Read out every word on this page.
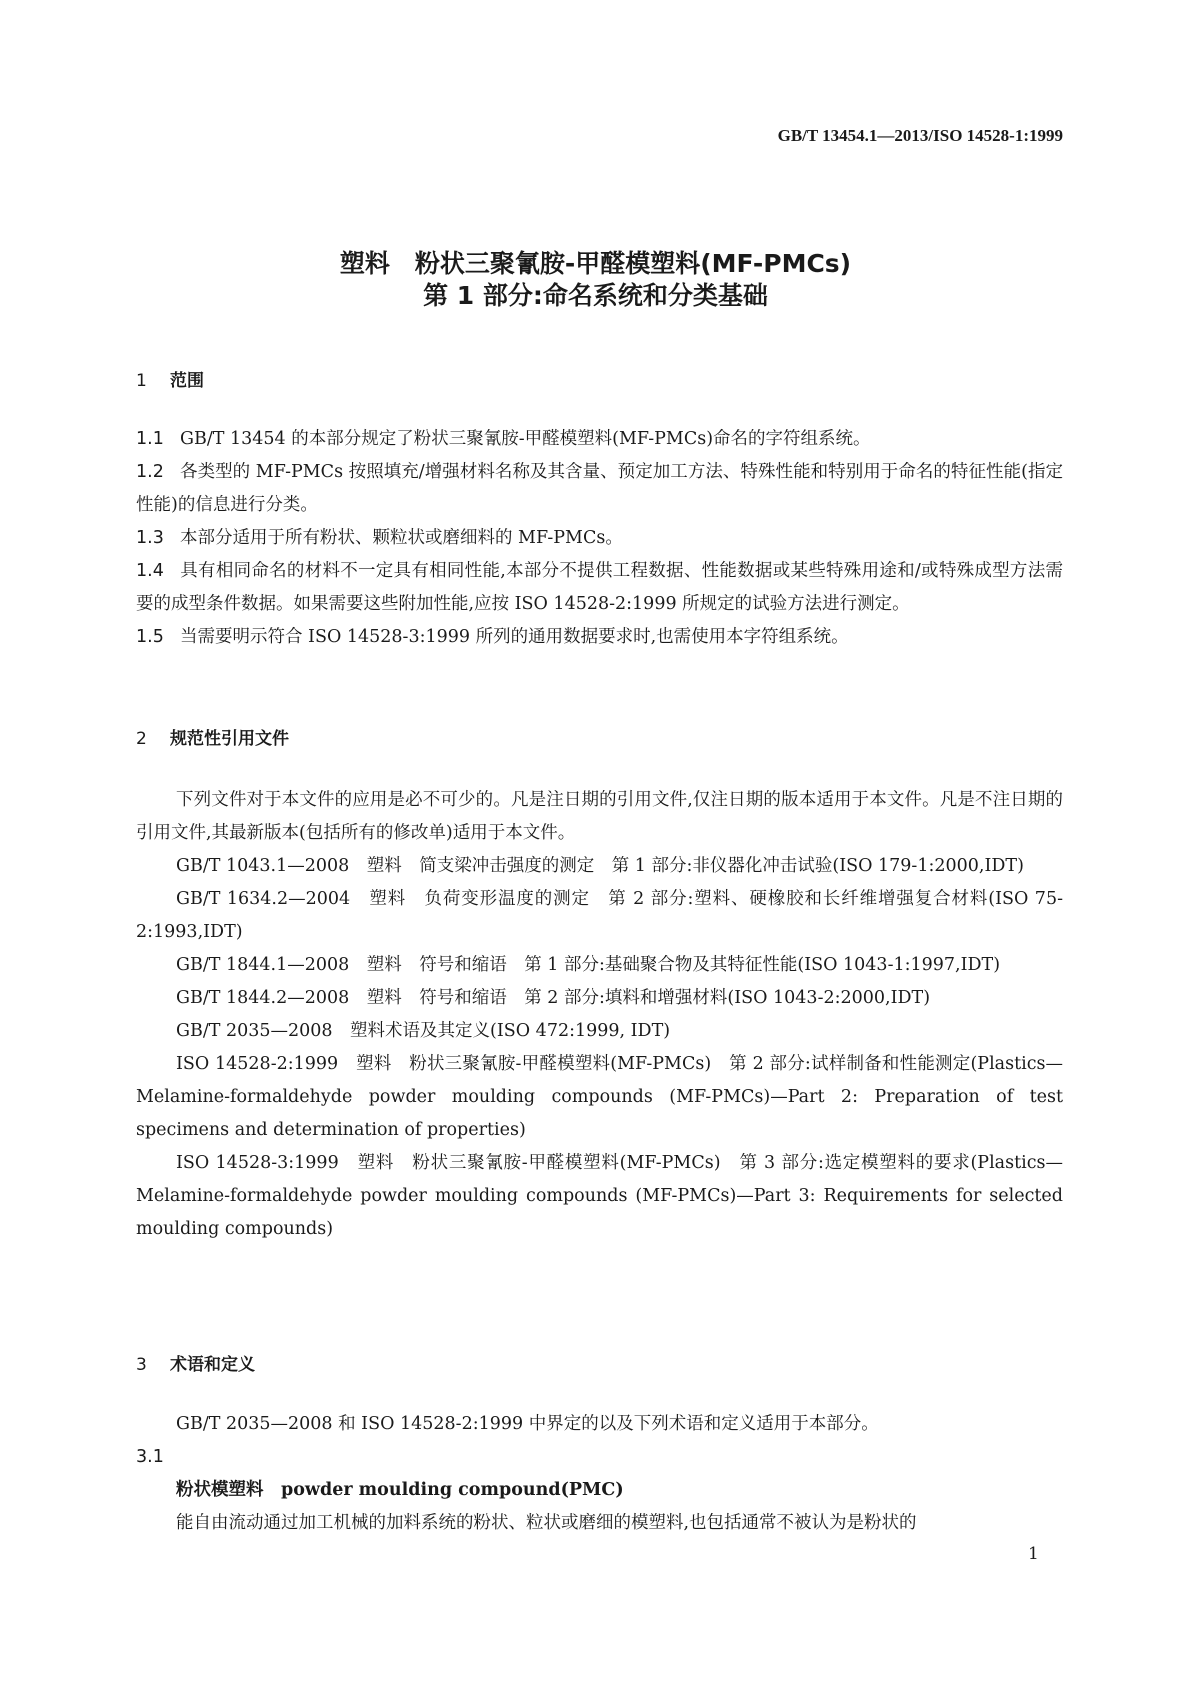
GB/T 13454.1—2013/ISO 14528-1:1999
塑料　粉状三聚氰胺-甲醛模塑料(MF-PMCs)
第 1 部分:命名系统和分类基础
1 范围

1.1 GB/T 13454 的本部分规定了粉状三聚氰胺-甲醛模塑料(MF-PMCs)命名的字符组系统。

1.2 各类型的 MF-PMCs 按照填充/增强材料名称及其含量、预定加工方法、特殊性能和特别用于命名的特征性能(指定性能)的信息进行分类。

1.3 本部分适用于所有粉状、颗粒状或磨细料的 MF-PMCs。

1.4 具有相同命名的材料不一定具有相同性能,本部分不提供工程数据、性能数据或某些特殊用途和/或特殊成型方法需要的成型条件数据。如果需要这些附加性能,应按 ISO 14528-2:1999 所规定的试验方法进行测定。

1.5 当需要明示符合 ISO 14528-3:1999 所列的通用数据要求时,也需使用本字符组系统。

2 规范性引用文件

下列文件对于本文件的应用是必不可少的。凡是注日期的引用文件,仅注日期的版本适用于本文件。凡是不注日期的引用文件,其最新版本(包括所有的修改单)适用于本文件。

GB/T 1043.1—2008　塑料　简支梁冲击强度的测定　第 1 部分:非仪器化冲击试验(ISO 179-1:2000,IDT)

GB/T 1634.2—2004　塑料　负荷变形温度的测定　第 2 部分:塑料、硬橡胶和长纤维增强复合材料(ISO 75-2:1993,IDT)

GB/T 1844.1—2008　塑料　符号和缩语　第 1 部分:基础聚合物及其特征性能(ISO 1043-1:1997,IDT)

GB/T 1844.2—2008　塑料　符号和缩语　第 2 部分:填料和增强材料(ISO 1043-2:2000,IDT)

GB/T 2035—2008　塑料术语及其定义(ISO 472:1999, IDT)

ISO 14528-2:1999　塑料　粉状三聚氰胺-甲醛模塑料(MF-PMCs)　第 2 部分:试样制备和性能测定(Plastics—Melamine-formaldehyde powder moulding compounds (MF-PMCs)—Part 2: Preparation of test specimens and determination of properties)

ISO 14528-3:1999　塑料　粉状三聚氰胺-甲醛模塑料(MF-PMCs)　第 3 部分:选定模塑料的要求(Plastics—Melamine-formaldehyde powder moulding compounds (MF-PMCs)—Part 3: Requirements for selected moulding compounds)

3 术语和定义

GB/T 2035—2008 和 ISO 14528-2:1999 中界定的以及下列术语和定义适用于本部分。

3.1

粉状模塑料　powder moulding compound(PMC)

能自由流动通过加工机械的加料系统的粉状、粒状或磨细的模塑料,也包括通常不被认为是粉状的

1
